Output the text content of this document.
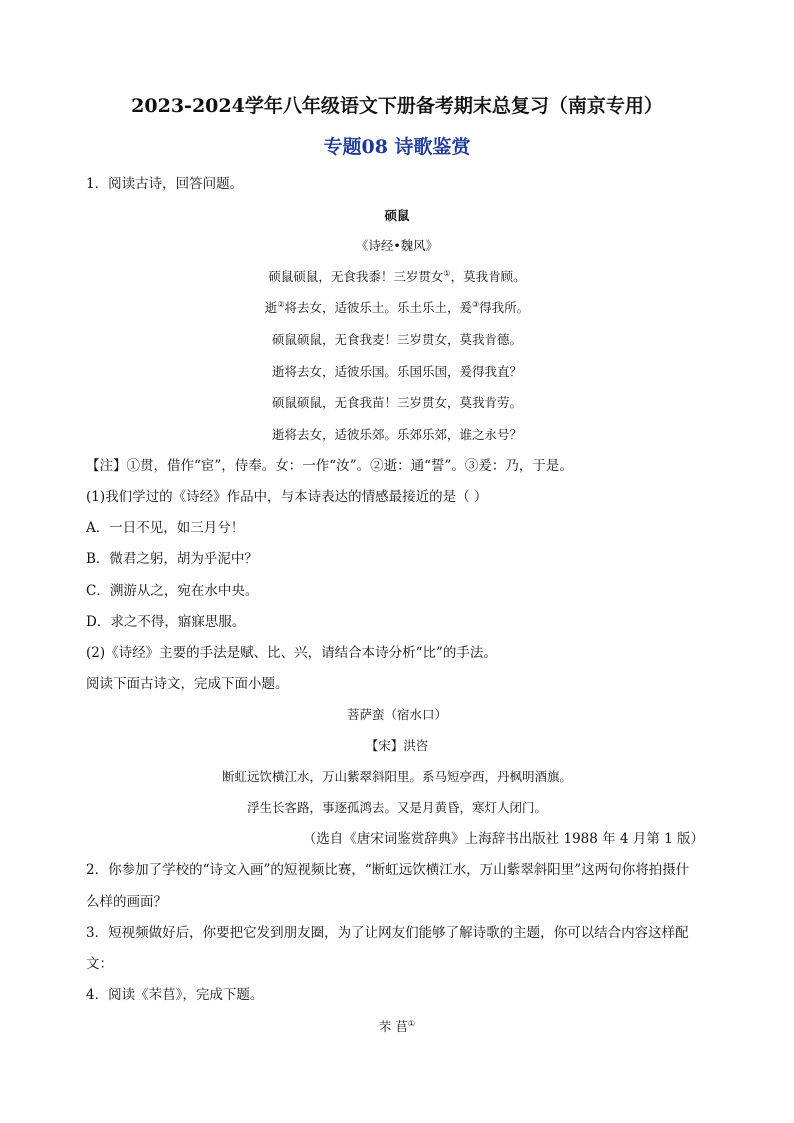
2023-2024学年八年级语文下册备考期末总复习（南京专用）
专题08 诗歌鉴赏
1．阅读古诗，回答问题。
硕鼠
《诗经•魏风》
硕鼠硕鼠，无食我黍！三岁贯女①，莫我肯顾。
逝②将去女，适彼乐土。乐土乐土，爰③得我所。
硕鼠硕鼠，无食我麦！三岁贯女，莫我肯德。
逝将去女，适彼乐国。乐国乐国，爰得我直？
硕鼠硕鼠，无食我苗！三岁贯女，莫我肯劳。
逝将去女，适彼乐郊。乐郊乐郊，谁之永号？
【注】①贯，借作“宦”，侍奉。女：一作“汝”。②逝：通“誓”。③爰：乃，于是。
(1)我们学过的《诗经》作品中，与本诗表达的情感最接近的是（ ）
A．一日不见，如三月兮！
B．微君之躬，胡为乎泥中？
C．溯游从之，宛在水中央。
D．求之不得，寤寐思服。
(2)《诗经》主要的手法是赋、比、兴，请结合本诗分析“比”的手法。
阅读下面古诗文，完成下面小题。
菩萨蛮（宿水口）
【宋】洪咨
断虹远饮横江水，万山紫翠斜阳里。系马短亭西，丹枫明酒旗。
浮生长客路，事逐孤鸿去。又是月黄昏，寒灯人闭门。
（选自《唐宋词鉴赏辞典》上海辞书出版社 1988 年 4 月第 1 版）
2．你参加了学校的“诗文入画”的短视频比赛，“断虹远饮横江水，万山紫翠斜阳里”这两句你将拍摄什
么样的画面？
3．短视频做好后，你要把它发到朋友圈，为了让网友们能够了解诗歌的主题，你可以结合内容这样配
文：
4．阅读《芣苢》，完成下题。
芣 苢①
